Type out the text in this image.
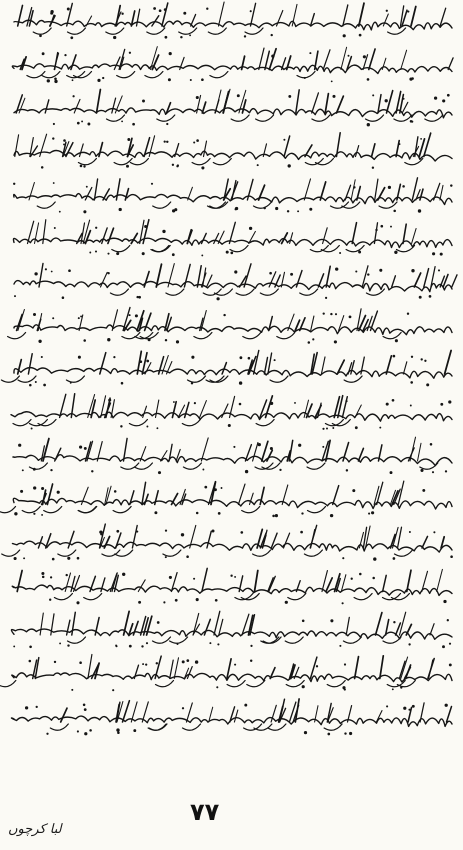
٧٧
لبا کرچوں
